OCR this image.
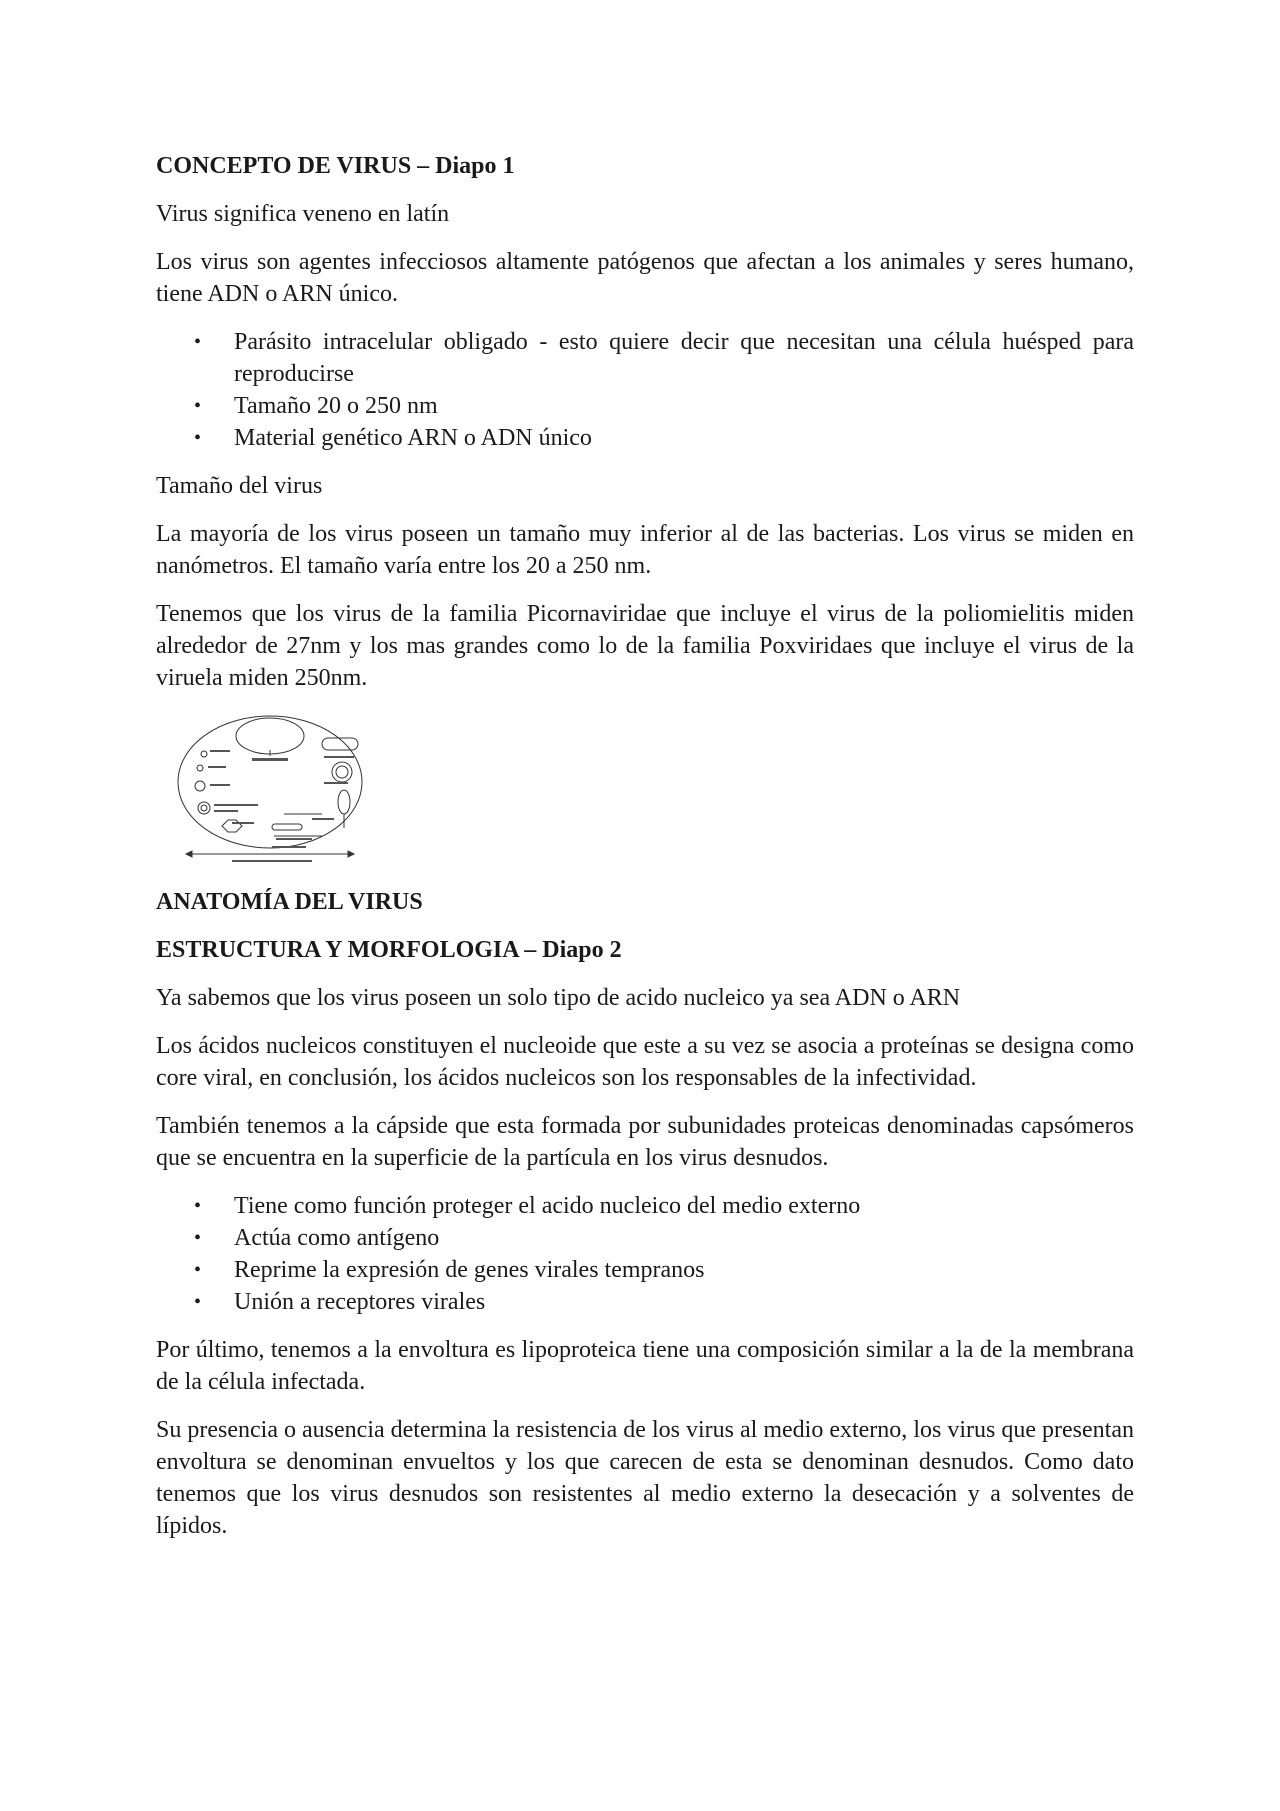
CONCEPTO DE VIRUS – Diapo 1

Virus significa veneno en latín

Los virus son agentes infecciosos altamente patógenos que afectan a los animales y seres humano, tiene ADN o ARN único.

• Parásito intracelular obligado - esto quiere decir que necesitan una célula huésped para reproducirse
• Tamaño 20 o 250 nm
• Material genético ARN o ADN único

Tamaño del virus

La mayoría de los virus poseen un tamaño muy inferior al de las bacterias. Los virus se miden en nanómetros. El tamaño varía entre los 20 a 250 nm.

Tenemos que los virus de la familia Picornaviridae que incluye el virus de la poliomielitis miden alrededor de 27nm y los mas grandes como lo de la familia Poxviridaes que incluye el virus de la viruela miden 250nm.

ANATOMÍA DEL VIRUS
ESTRUCTURA Y MORFOLOGIA – Diapo 2

Ya sabemos que los virus poseen un solo tipo de acido nucleico ya sea ADN o ARN

Los ácidos nucleicos constituyen el nucleoide que este a su vez se asocia a proteínas se designa como core viral, en conclusión, los ácidos nucleicos son los responsables de la infectividad.

También tenemos a la cápside que esta formada por subunidades proteicas denominadas capsómeros que se encuentra en la superficie de la partícula en los virus desnudos.

• Tiene como función proteger el acido nucleico del medio externo
• Actúa como antígeno
• Reprime la expresión de genes virales tempranos
• Unión a receptores virales

Por último, tenemos a la envoltura es lipoproteica tiene una composición similar a la de la membrana de la célula infectada.

Su presencia o ausencia determina la resistencia de los virus al medio externo, los virus que presentan envoltura se denominan envueltos y los que carecen de esta se denominan desnudos. Como dato tenemos que los virus desnudos son resistentes al medio externo la desecación y a solventes de lípidos.
